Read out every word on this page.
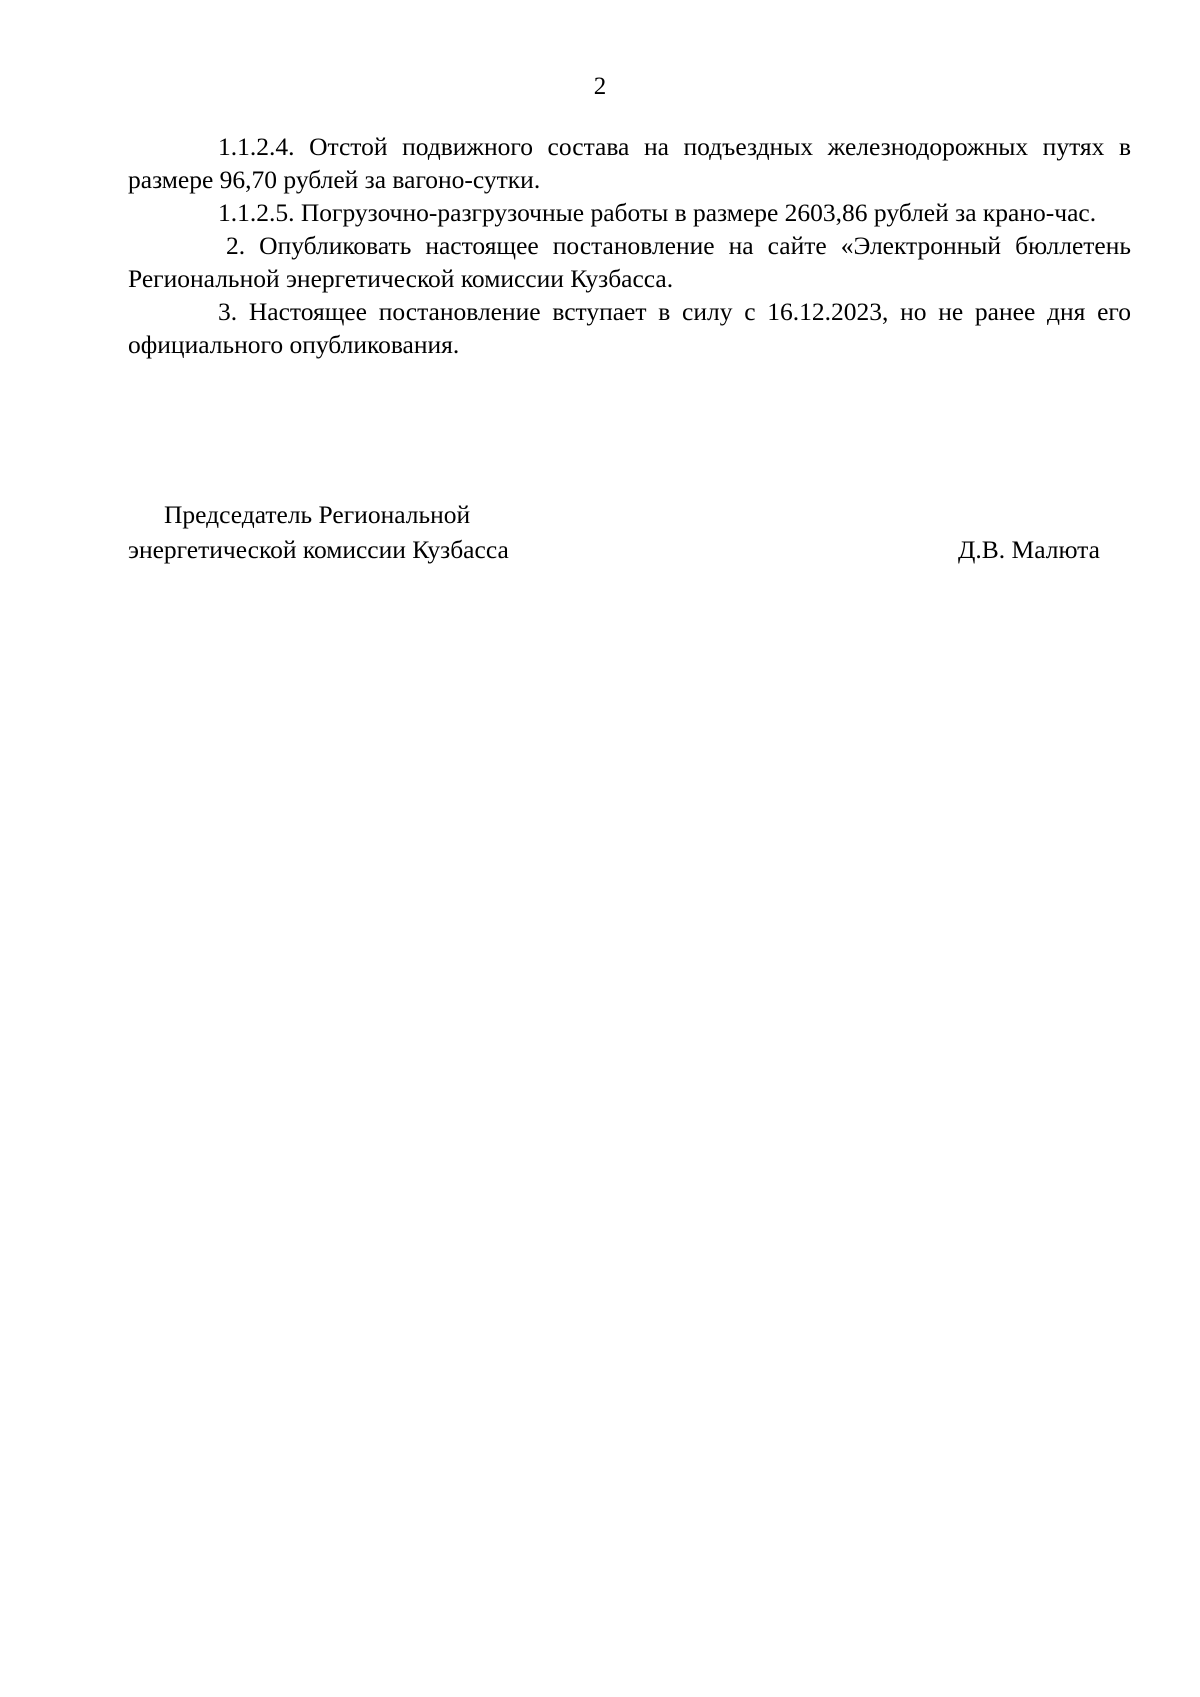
2

1.1.2.4. Отстой подвижного состава на подъездных железнодорожных путях в размере 96,70 рублей за вагоно-сутки.

1.1.2.5. Погрузочно-разгрузочные работы в размере 2603,86 рублей за крано-час.

2. Опубликовать настоящее постановление на сайте «Электронный бюллетень Региональной энергетической комиссии Кузбасса.

3. Настоящее постановление вступает в силу с 16.12.2023, но не ранее дня его официального опубликования.

Председатель Региональной
энергетической комиссии Кузбасса	Д.В. Малюта
